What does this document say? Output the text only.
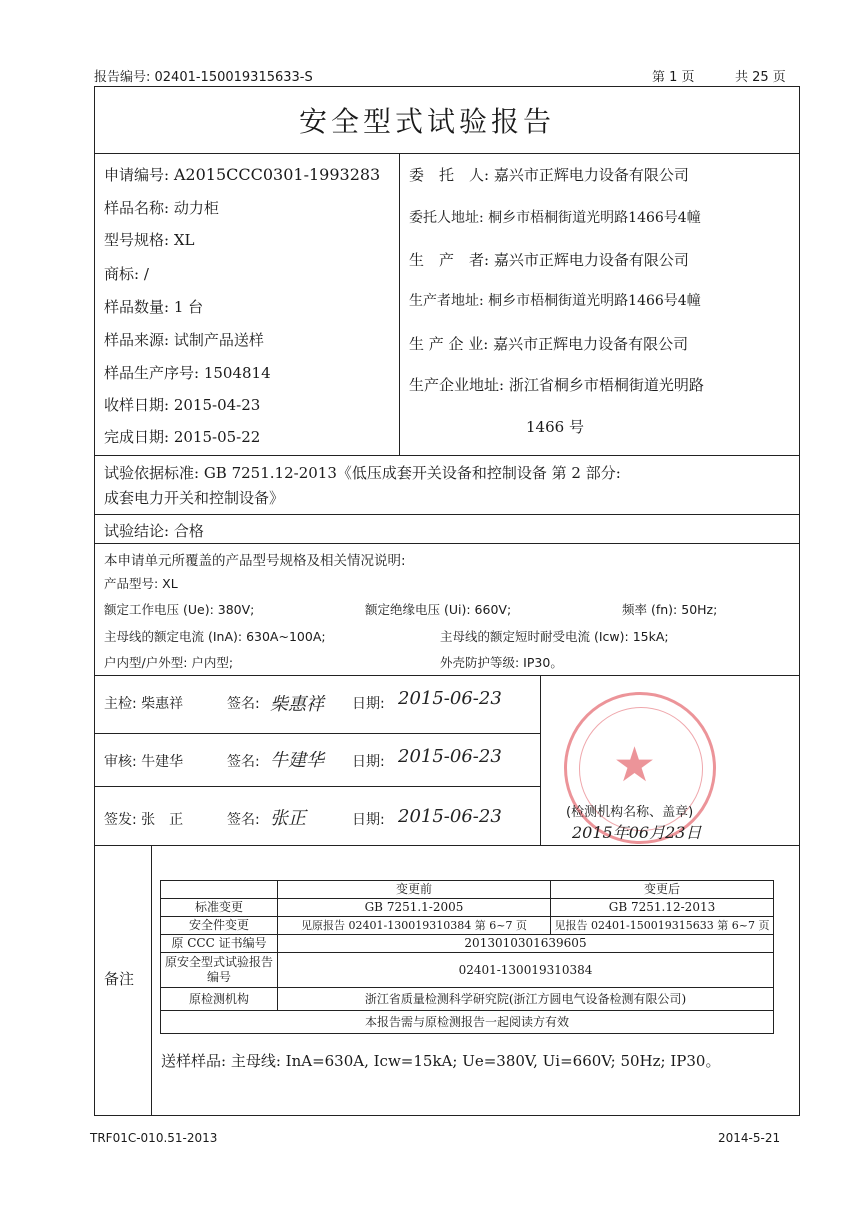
报告编号: 02401-150019315633-S	第 1 页	共 25 页
安全型式试验报告
申请编号: A2015CCC0301-1993283
样品名称: 动力柜
型号规格: XL
商标: /
样品数量: 1 台
样品来源: 试制产品送样
样品生产序号: 1504814
收样日期: 2015-04-23
完成日期: 2015-05-22
委　托　人: 嘉兴市正辉电力设备有限公司
委托人地址: 桐乡市梧桐街道光明路1466号4幢
生　产　者: 嘉兴市正辉电力设备有限公司
生产者地址: 桐乡市梧桐街道光明路1466号4幢
生 产 企 业: 嘉兴市正辉电力设备有限公司
生产企业地址: 浙江省桐乡市梧桐街道光明路
1466 号
试验依据标准: GB 7251.12-2013《低压成套开关设备和控制设备 第 2 部分:
成套电力开关和控制设备》
试验结论: 合格
本申请单元所覆盖的产品型号规格及相关情况说明:
产品型号: XL
额定工作电压 (Ue): 380V;	额定绝缘电压 (Ui): 660V;	频率 (fn): 50Hz;
主母线的额定电流 (InA): 630A~100A;	主母线的额定短时耐受电流 (Icw): 15kA;
户内型/户外型: 户内型;	外壳防护等级: IP30。
主检: 柴惠祥	签名: 柴惠祥 日期: 2015-06-23
审核: 牛建华	签名: 牛建华 日期: 2015-06-23
签发: 张　正	签名: 张正	日期: 2015-06-23
★
(检测机构名称、盖章)
2015年06月23日
备注
	变更前	变更后
标准变更	GB 7251.1-2005	GB 7251.12-2013
安全件变更	见原报告 02401-130019310384 第 6~7 页	见报告 02401-150019315633 第 6~7 页
原 CCC 证书编号	2013010301639605	
原安全型式试验报告编号	02401-130019310384	
原检测机构	浙江省质量检测科学研究院(浙江方圆电气设备检测有限公司)	
本报告需与原检测报告一起阅读方有效		
送样样品: 主母线: InA=630A, Icw=15kA; Ue=380V, Ui=660V; 50Hz; IP30。
TRF01C-010.51-2013	2014-5-21
